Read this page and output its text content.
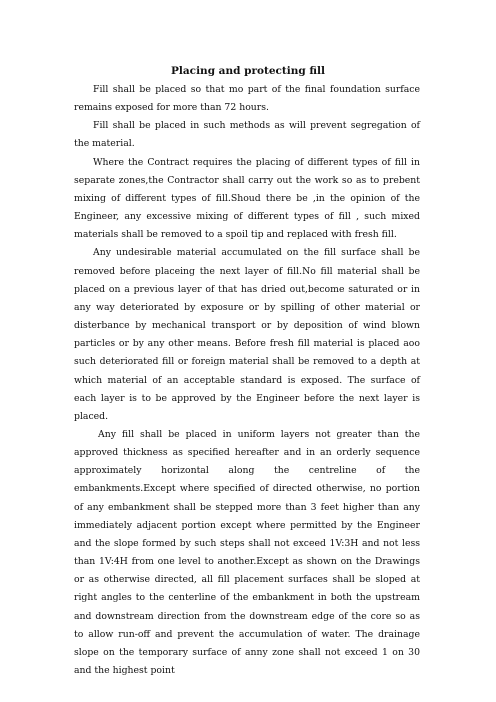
Placing and protecting fill

Fill shall be placed so that mo part of the final foundation surface remains exposed for more than 72 hours.

Fill shall be placed in such methods as will prevent segregation of the material.

Where the Contract requires the placing of different types of fill in separate zones,the Contractor shall carry out the work so as to prebent mixing of different types of fill.Shoud there be ,in the opinion of the Engineer, any excessive mixing of different types of fill , such mixed materials shall be removed to a spoil tip and replaced with fresh fill.

Any undesirable material accumulated on the fill surface shall be removed before placeing the next layer of fill.No fill material shall be placed on a previous layer of that has dried out,become saturated or in any way deteriorated by exposure or by spilling of other material or disterbance by mechanical transport or by deposition of wind blown particles or by any other means. Before fresh fill material is placed aoo such deteriorated fill or foreign material shall be removed to a depth at which material of an acceptable standard is exposed. The surface of each layer is to be approved by the Engineer before the next layer is placed.

Any fill shall be placed in uniform layers not greater than the approved thickness as specified hereafter and in an orderly sequence approximately horizontal along the centreline of the embankments.Except where specified of directed otherwise, no portion of any embankment shall be stepped more than 3 feet higher than any immediately adjacent portion except where permitted by the Engineer and the slope formed by such steps shall not exceed 1V:3H and not less than 1V:4H from one level to another.Except as shown on the Drawings or as otherwise directed, all fill placement surfaces shall be sloped at right angles to the centerline of the embankment in both the upstream and downstream direction from the downstream edge of the core so as to allow run-off and prevent the accumulation of water. The drainage slope on the temporary surface of anny zone shall not exceed 1 on 30 and the highest point
